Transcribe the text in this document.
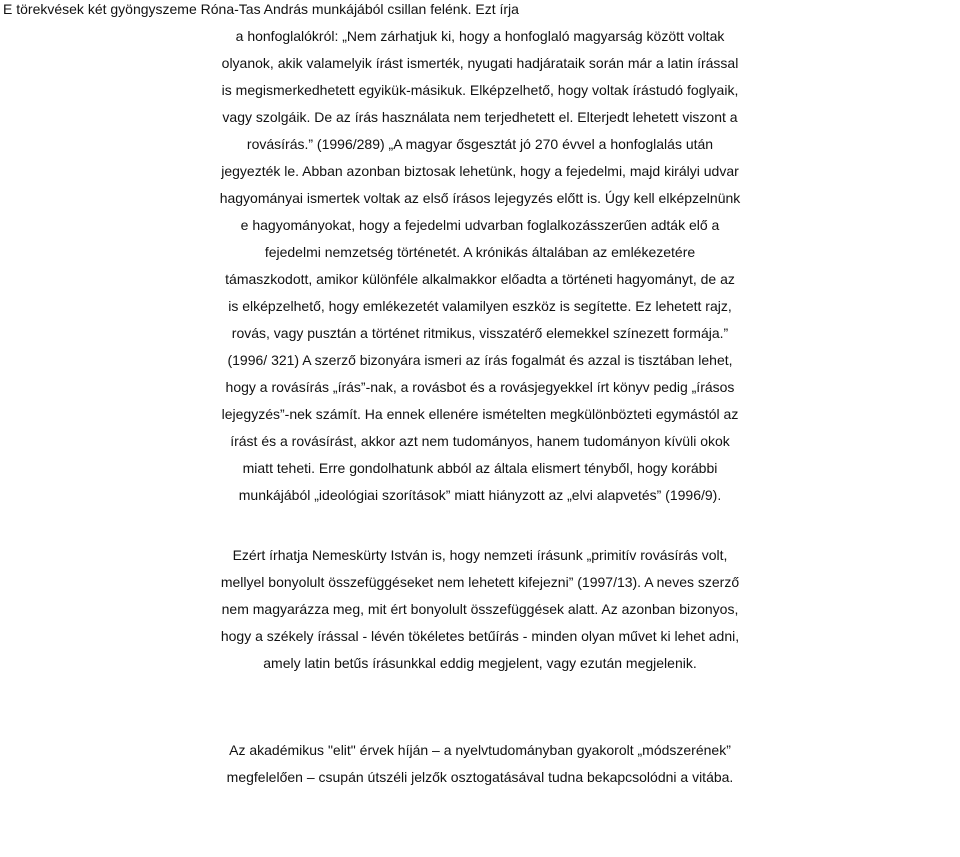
E törekvések két gyöngyszeme Róna-Tas András munkájából csillan felénk. Ezt írja
a honfoglalókról: „Nem zárhatjuk ki, hogy a honfoglaló magyarság között voltak
olyanok, akik valamelyik írást ismerték, nyugati hadjárataik során már a latin írással
is megismerkedhetett egyikük-másikuk. Elképzelhető, hogy voltak írástudó foglyaik,
vagy szolgáik. De az írás használata nem terjedhetett el. Elterjedt lehetett viszont a
rovásírás.” (1996/289) „A magyar ősgesztát jó 270 évvel a honfoglalás után
jegyezték le. Abban azonban biztosak lehetünk, hogy a fejedelmi, majd királyi udvar
hagyományai ismertek voltak az első írásos lejegyzés előtt is. Úgy kell elképzelnünk
e hagyományokat, hogy a fejedelmi udvarban foglalkozásszerűen adták elő a
fejedelmi nemzetség történetét. A krónikás általában az emlékezetére
támaszkodott, amikor különféle alkalmakkor előadta a történeti hagyományt, de az
is elképzelhető, hogy emlékezetét valamilyen eszköz is segítette. Ez lehetett rajz,
rovás, vagy pusztán a történet ritmikus, visszatérő elemekkel színezett formája.”
(1996/ 321) A szerző bizonyára ismeri az írás fogalmát és azzal is tisztában lehet,
hogy a rovásírás „írás”-nak, a rovásbot és a rovásjegyekkel írt könyv pedig „írásos
lejegyzés”-nek számít. Ha ennek ellenére ismételten megkülönbözteti egymástól az
írást és a rovásírást, akkor azt nem tudományos, hanem tudományon kívüli okok
miatt teheti. Erre gondolhatunk abból az általa elismert tényből, hogy korábbi
munkájából „ideológiai szorítások” miatt hiányzott az „elvi alapvetés” (1996/9).
Ezért írhatja Nemeskürty István is, hogy nemzeti írásunk „primitív rovásírás volt,
mellyel bonyolult összefüggéseket nem lehetett kifejezni” (1997/13). A neves szerző
nem magyarázza meg, mit ért bonyolult összefüggések alatt. Az azonban bizonyos,
hogy a székely írással - lévén tökéletes betűírás - minden olyan művet ki lehet adni,
amely latin betűs írásunkkal eddig megjelent, vagy ezután megjelenik.
Az akadémikus "elit" érvek híján – a nyelvtudományban gyakorolt „módszerének”
megfelelően – csupán útszéli jelzők osztogatásával tudna bekapcsolódni a vitába.
